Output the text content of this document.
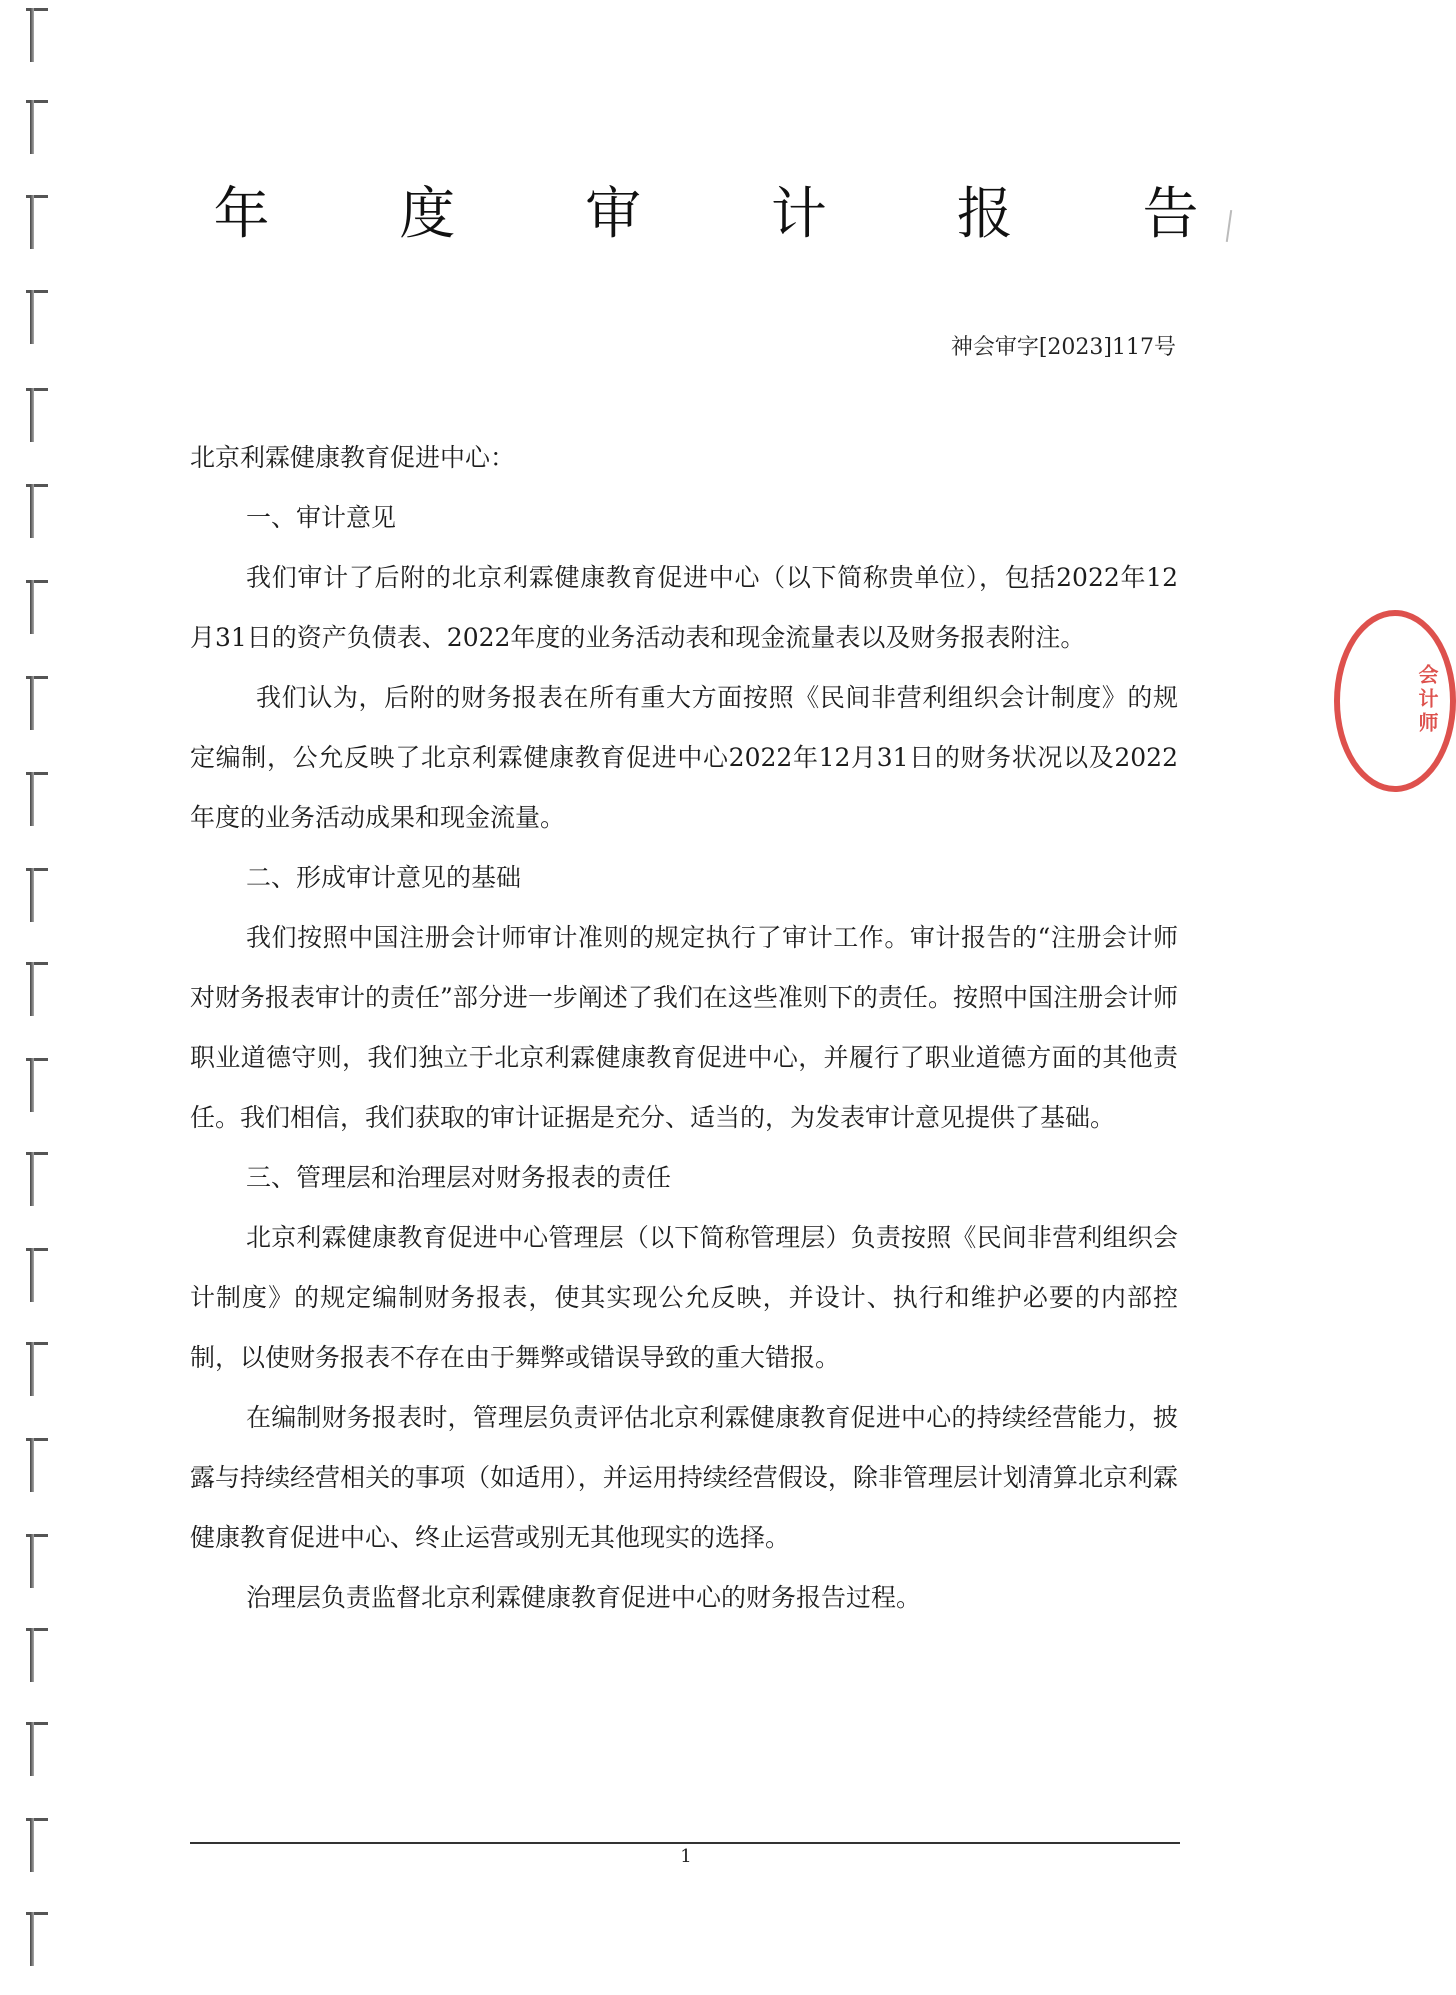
会计师
年 度 审 计 报 告
神会审字[2023]117号

北京利霖健康教育促进中心：

一、审计意见

我们审计了后附的北京利霖健康教育促进中心（以下简称贵单位），包括2022年12月31日的资产负债表、2022年度的业务活动表和现金流量表以及财务报表附注。

我们认为，后附的财务报表在所有重大方面按照《民间非营利组织会计制度》的规定编制，公允反映了北京利霖健康教育促进中心2022年12月31日的财务状况以及2022年度的业务活动成果和现金流量。

二、形成审计意见的基础

我们按照中国注册会计师审计准则的规定执行了审计工作。审计报告的“注册会计师对财务报表审计的责任”部分进一步阐述了我们在这些准则下的责任。按照中国注册会计师职业道德守则，我们独立于北京利霖健康教育促进中心，并履行了职业道德方面的其他责任。我们相信，我们获取的审计证据是充分、适当的，为发表审计意见提供了基础。

三、管理层和治理层对财务报表的责任

北京利霖健康教育促进中心管理层（以下简称管理层）负责按照《民间非营利组织会计制度》的规定编制财务报表，使其实现公允反映，并设计、执行和维护必要的内部控制，以使财务报表不存在由于舞弊或错误导致的重大错报。

在编制财务报表时，管理层负责评估北京利霖健康教育促进中心的持续经营能力，披露与持续经营相关的事项（如适用），并运用持续经营假设，除非管理层计划清算北京利霖健康教育促进中心、终止运营或别无其他现实的选择。

治理层负责监督北京利霖健康教育促进中心的财务报告过程。

1
